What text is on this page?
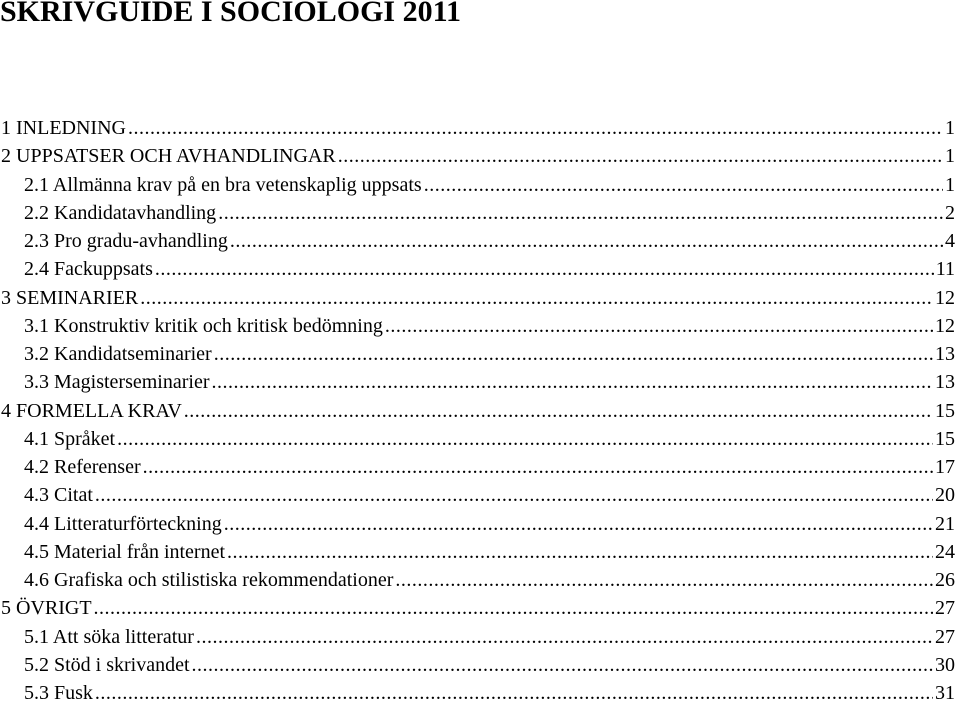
SKRIVGUIDE I SOCIOLOGI 2011
1 INLEDNING .....	1
2 UPPSATSER OCH AVHANDLINGAR .....	1
2.1 Allmänna krav på en bra vetenskaplig uppsats .....	1
2.2 Kandidatavhandling .....	2
2.3 Pro gradu-avhandling .....	4
2.4 Fackuppsats .....	11
3 SEMINARIER .....	12
3.1 Konstruktiv kritik och kritisk bedömning .....	12
3.2 Kandidatseminarier .....	13
3.3 Magisterseminarier .....	13
4 FORMELLA KRAV .....	15
4.1 Språket .....	15
4.2 Referenser .....	17
4.3 Citat .....	20
4.4 Litteraturförteckning .....	21
4.5 Material från internet .....	24
4.6 Grafiska och stilistiska rekommendationer .....	26
5 ÖVRIGT .....	27
5.1 Att söka litteratur .....	27
5.2 Stöd i skrivandet .....	30
5.3 Fusk .....	31
